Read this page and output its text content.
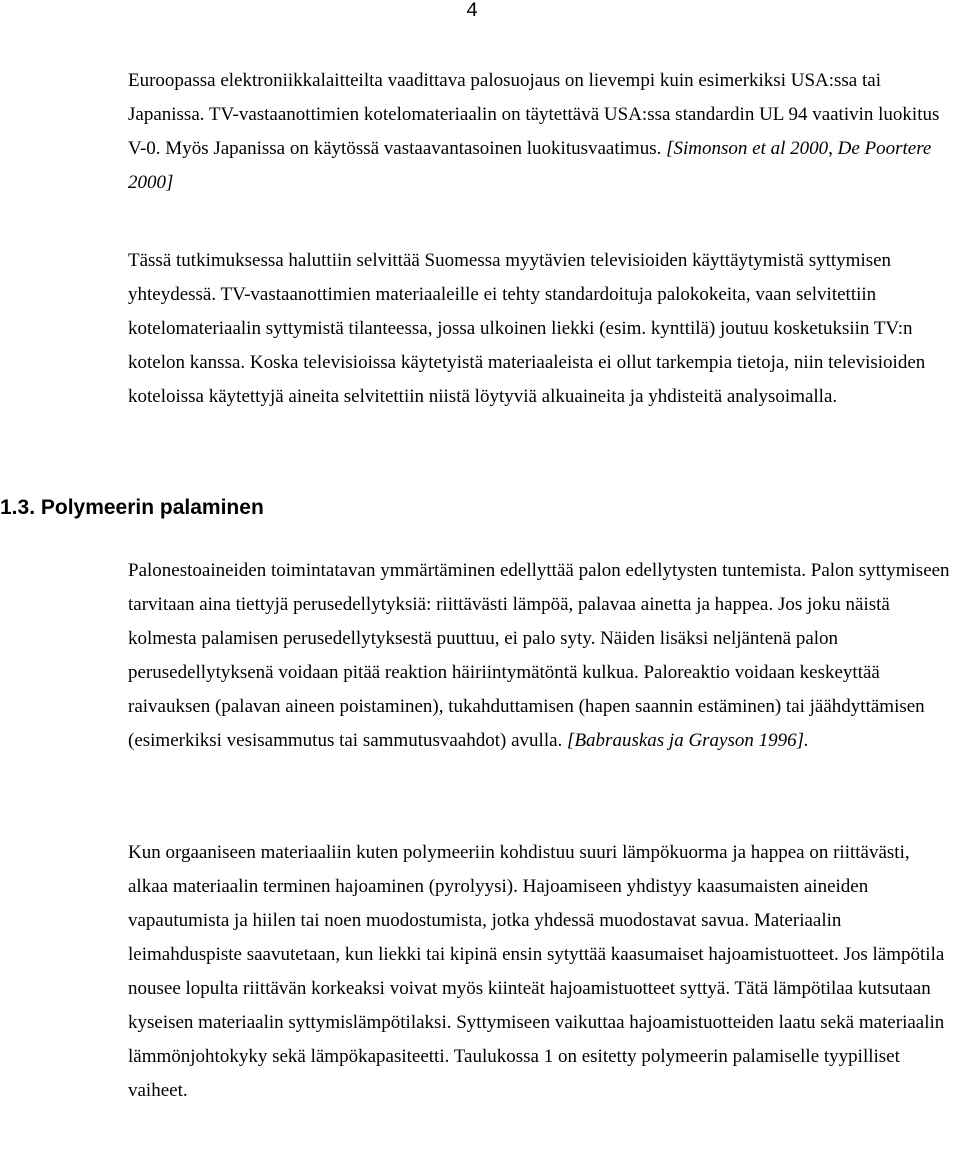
4

Euroopassa elektroniikkalaitteilta vaadittava palosuojaus on lievempi kuin esimerkiksi USA:ssa tai Japanissa. TV-vastaanottimien kotelomateriaalin on täytettävä USA:ssa standardin UL 94 vaativin luokitus V-0. Myös Japanissa on käytössä vastaavantasoinen luokitusvaatimus. [Simonson et al 2000, De Poortere 2000]

Tässä tutkimuksessa haluttiin selvittää Suomessa myytävien televisioiden käyttäytymistä syttymisen yhteydessä. TV-vastaanottimien materiaaleille ei tehty standardoituja palokokeita, vaan selvitettiin kotelomateriaalin syttymistä tilanteessa, jossa ulkoinen liekki (esim. kynttilä) joutuu kosketuksiin TV:n kotelon kanssa. Koska televisioissa käytetyistä materiaaleista ei ollut tarkempia tietoja, niin televisioiden koteloissa käytettyjä aineita selvitettiin niistä löytyviä alkuaineita ja yhdisteitä analysoimalla.

1.3. Polymeerin palaminen

Palonestoaineiden toimintatavan ymmärtäminen edellyttää palon edellytysten tuntemista. Palon syttymiseen tarvitaan aina tiettyjä perusedellytyksiä: riittävästi lämpöä, palavaa ainetta ja happea. Jos joku näistä kolmesta palamisen perusedellytyksestä puuttuu, ei palo syty. Näiden lisäksi neljäntenä palon perusedellytyksenä voidaan pitää reaktion häiriintymätöntä kulkua. Paloreaktio voidaan keskeyttää raivauksen (palavan aineen poistaminen), tukahduttamisen (hapen saannin estäminen) tai jäähdyttämisen (esimerkiksi vesisammutus tai sammutusvaahdot) avulla. [Babrauskas ja Grayson 1996].

Kun orgaaniseen materiaaliin kuten polymeeriin kohdistuu suuri lämpökuorma ja happea on riittävästi, alkaa materiaalin terminen hajoaminen (pyrolyysi). Hajoamiseen yhdistyy kaasumaisten aineiden vapautumista ja hiilen tai noen muodostumista, jotka yhdessä muodostavat savua. Materiaalin leimahduspiste saavutetaan, kun liekki tai kipinä ensin sytyttää kaasumaiset hajoamistuotteet. Jos lämpötila nousee lopulta riittävän korkeaksi voivat myös kiinteät hajoamistuotteet syttyä. Tätä lämpötilaa kutsutaan kyseisen materiaalin syttymislämpötilaksi. Syttymiseen vaikuttaa hajoamistuotteiden laatu sekä materiaalin lämmönjohtokyky sekä lämpökapasiteetti. Taulukossa 1 on esitetty polymeerin palamiselle tyypilliset vaiheet.
